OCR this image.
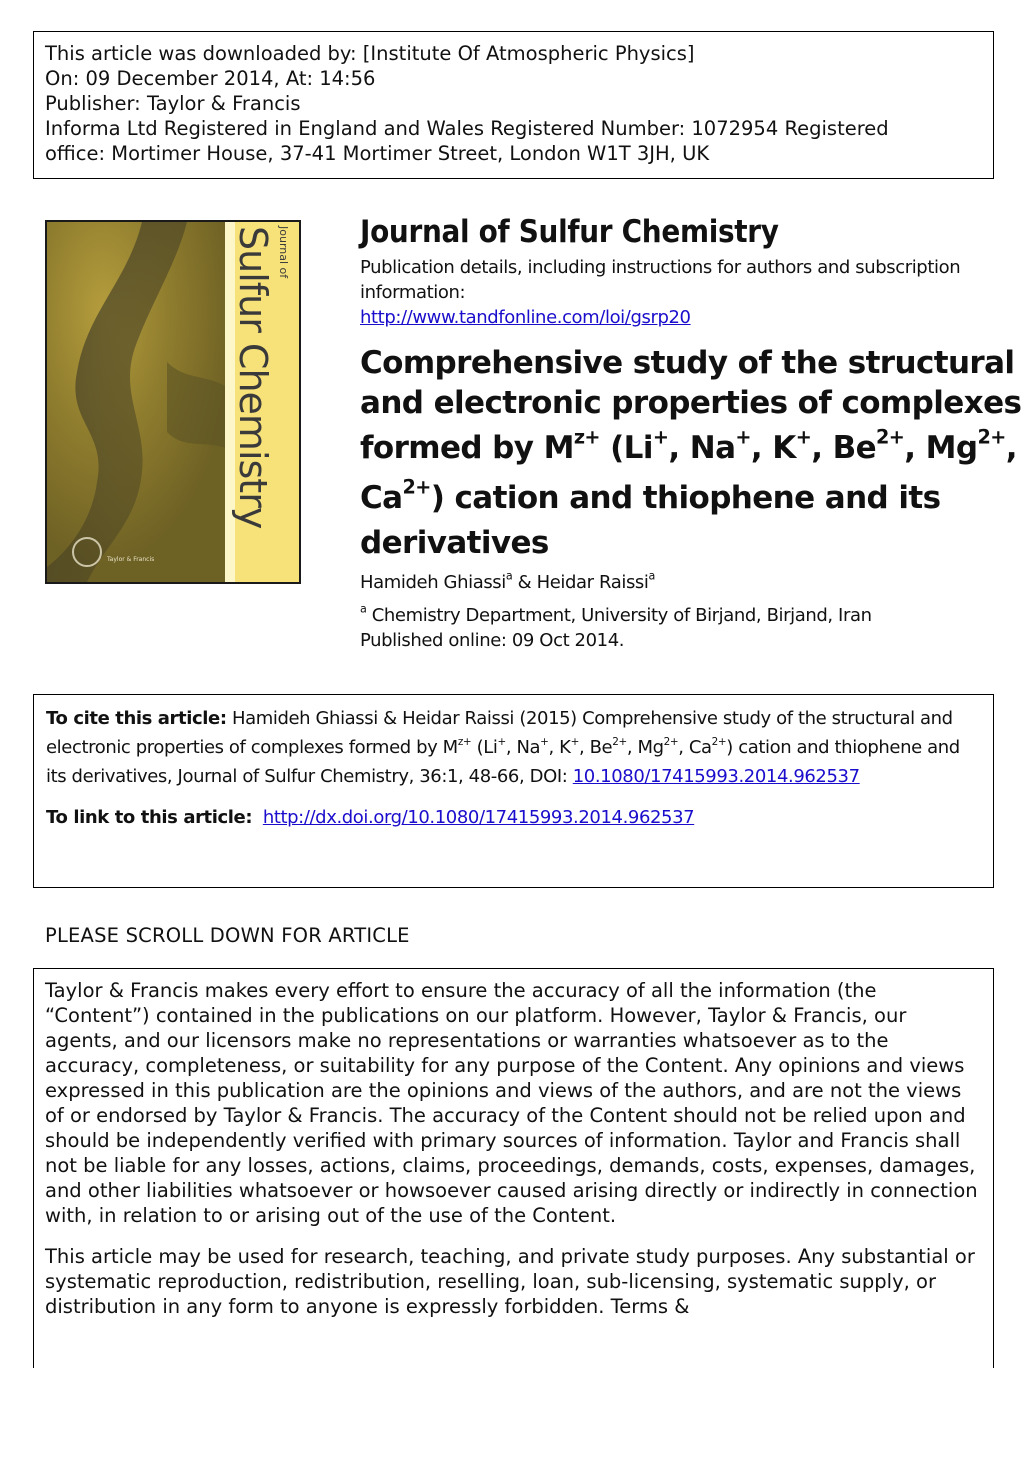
This article was downloaded by: [Institute Of Atmospheric Physics]
On: 09 December 2014, At: 14:56
Publisher: Taylor & Francis
Informa Ltd Registered in England and Wales Registered Number: 1072954 Registered
office: Mortimer House, 37-41 Mortimer Street, London W1T 3JH, UK
Journal of
Sulfur Chemistry
Taylor & Francis
Journal of Sulfur Chemistry
Publication details, including instructions for authors and subscription information:
http://www.tandfonline.com/loi/gsrp20
Comprehensive study of the structural
and electronic properties of complexes
formed by $M^{z+}$ (Li+, Na+, K+, $Be^{2+}$, $Mg^{2+}$,
$Ca^{2+}$) cation and thiophene and its
derivatives
Hamideh Ghiassi$^a$ & Heidar Raissi$^a$
$^a$ Chemistry Department, University of Birjand, Birjand, Iran
Published online: 09 Oct 2014.
To cite this article: Hamideh Ghiassi & Heidar Raissi (2015) Comprehensive study of the structural and electronic properties of complexes formed by $M^{z+}$ (Li+, Na+, K+, $Be^{2+}$, $Mg^{2+}$, $Ca^{2+}$) cation and thiophene and its derivatives, Journal of Sulfur Chemistry, 36:1, 48-66, DOI: 10.1080/17415993.2014.962537
To link to this article: http://dx.doi.org/10.1080/17415993.2014.962537
PLEASE SCROLL DOWN FOR ARTICLE

Taylor & Francis makes every effort to ensure the accuracy of all the information (the “Content”) contained in the publications on our platform. However, Taylor & Francis, our agents, and our licensors make no representations or warranties whatsoever as to the accuracy, completeness, or suitability for any purpose of the Content. Any opinions and views expressed in this publication are the opinions and views of the authors, and are not the views of or endorsed by Taylor & Francis. The accuracy of the Content should not be relied upon and should be independently verified with primary sources of information. Taylor and Francis shall not be liable for any losses, actions, claims, proceedings, demands, costs, expenses, damages, and other liabilities whatsoever or howsoever caused arising directly or indirectly in connection with, in relation to or arising out of the use of the Content.

This article may be used for research, teaching, and private study purposes. Any substantial or systematic reproduction, redistribution, reselling, loan, sub-licensing, systematic supply, or distribution in any form to anyone is expressly forbidden. Terms &
